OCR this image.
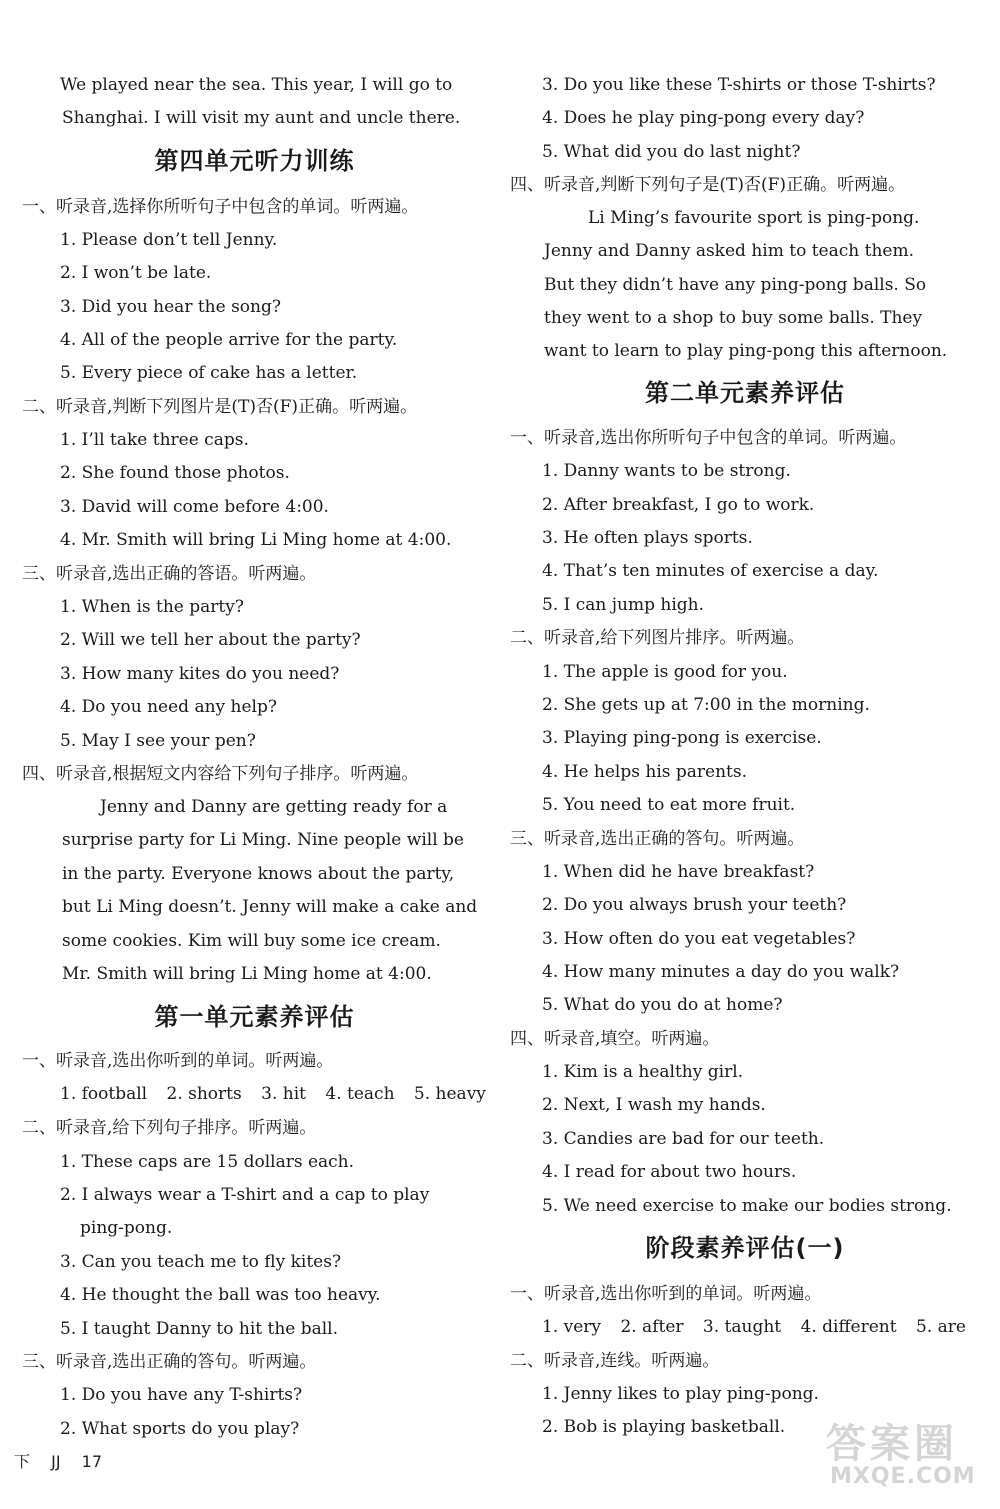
We played near the sea. This year, I will go to
Shanghai. I will visit my aunt and uncle there.
第四单元听力训练
一、听录音,选择你所听句子中包含的单词。听两遍。
1. Please don’t tell Jenny.
2. I won’t be late.
3. Did you hear the song?
4. All of the people arrive for the party.
5. Every piece of cake has a letter.
二、听录音,判断下列图片是(T)否(F)正确。听两遍。
1. I’ll take three caps.
2. She found those photos.
3. David will come before 4:00.
4. Mr. Smith will bring Li Ming home at 4:00.
三、听录音,选出正确的答语。听两遍。
1. When is the party?
2. Will we tell her about the party?
3. How many kites do you need?
4. Do you need any help?
5. May I see your pen?
四、听录音,根据短文内容给下列句子排序。听两遍。
Jenny and Danny are getting ready for a
surprise party for Li Ming. Nine people will be
in the party. Everyone knows about the party,
but Li Ming doesn’t. Jenny will make a cake and
some cookies. Kim will buy some ice cream.
Mr. Smith will bring Li Ming home at 4:00.
第一单元素养评估
一、听录音,选出你听到的单词。听两遍。
1. football 2. shorts 3. hit 4. teach 5. heavy
二、听录音,给下列句子排序。听两遍。
1. These caps are 15 dollars each.
2. I always wear a T-shirt and a cap to play
ping-pong.
3. Can you teach me to fly kites?
4. He thought the ball was too heavy.
5. I taught Danny to hit the ball.
三、听录音,选出正确的答句。听两遍。
1. Do you have any T-shirts?
2. What sports do you play?
3. Do you like these T-shirts or those T-shirts?
4. Does he play ping-pong every day?
5. What did you do last night?
四、听录音,判断下列句子是(T)否(F)正确。听两遍。
Li Ming’s favourite sport is ping-pong.
Jenny and Danny asked him to teach them.
But they didn’t have any ping-pong balls. So
they went to a shop to buy some balls. They
want to learn to play ping-pong this afternoon.
第二单元素养评估
一、听录音,选出你所听句子中包含的单词。听两遍。
1. Danny wants to be strong.
2. After breakfast, I go to work.
3. He often plays sports.
4. That’s ten minutes of exercise a day.
5. I can jump high.
二、听录音,给下列图片排序。听两遍。
1. The apple is good for you.
2. She gets up at 7:00 in the morning.
3. Playing ping-pong is exercise.
4. He helps his parents.
5. You need to eat more fruit.
三、听录音,选出正确的答句。听两遍。
1. When did he have breakfast?
2. Do you always brush your teeth?
3. How often do you eat vegetables?
4. How many minutes a day do you walk?
5. What do you do at home?
四、听录音,填空。听两遍。
1. Kim is a healthy girl.
2. Next, I wash my hands.
3. Candies are bad for our teeth.
4. I read for about two hours.
5. We need exercise to make our bodies strong.
阶段素养评估(一)
一、听录音,选出你听到的单词。听两遍。
1. very 2. after 3. taught 4. different 5. are
二、听录音,连线。听两遍。
1. Jenny likes to play ping-pong.
2. Bob is playing basketball.
下 JJ 17	答案圈
MXQE.COM
